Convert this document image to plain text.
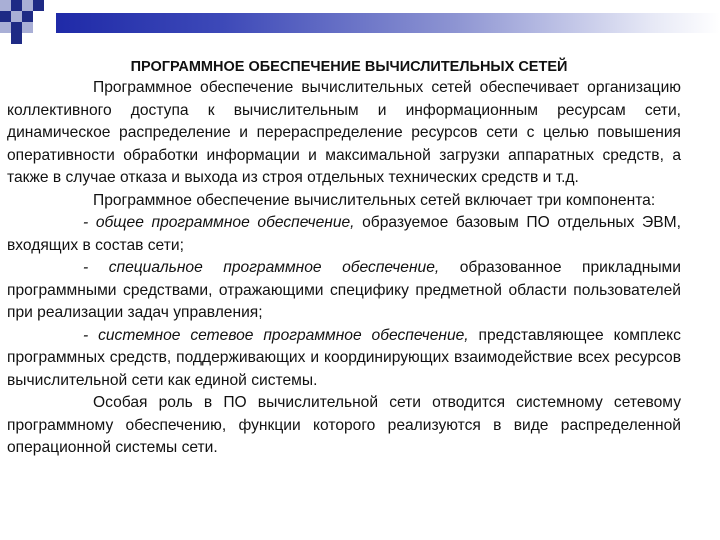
ПРОГРАММНОЕ ОБЕСПЕЧЕНИЕ ВЫЧИСЛИТЕЛЬНЫХ СЕТЕЙ

Программное обеспечение вычислительных сетей обеспечивает организацию коллективного доступа к вычислительным и информационным ресурсам сети, динамическое распределение и перераспределение ресурсов сети с целью повышения оперативности обработки информации и максимальной загрузки аппаратных средств, а также в случае отказа и выхода из строя отдельных технических средств и т.д.

Программное обеспечение вычислительных сетей включает три компонента:

- общее программное обеспечение, образуемое базовым ПО отдельных ЭВМ, входящих в состав сети;

- специальное программное обеспечение, образованное прикладными программными средствами, отражающими специфику предметной области пользователей при реализации задач управления;

- системное сетевое программное обеспечение, представляющее комплекс программных средств, поддерживающих и координирующих взаимодействие всех ресурсов вычислительной сети как единой системы.

Особая роль в ПО вычислительной сети отводится системному сетевому программному обеспечению, функции которого реализуются в виде распределенной операционной системы сети.
